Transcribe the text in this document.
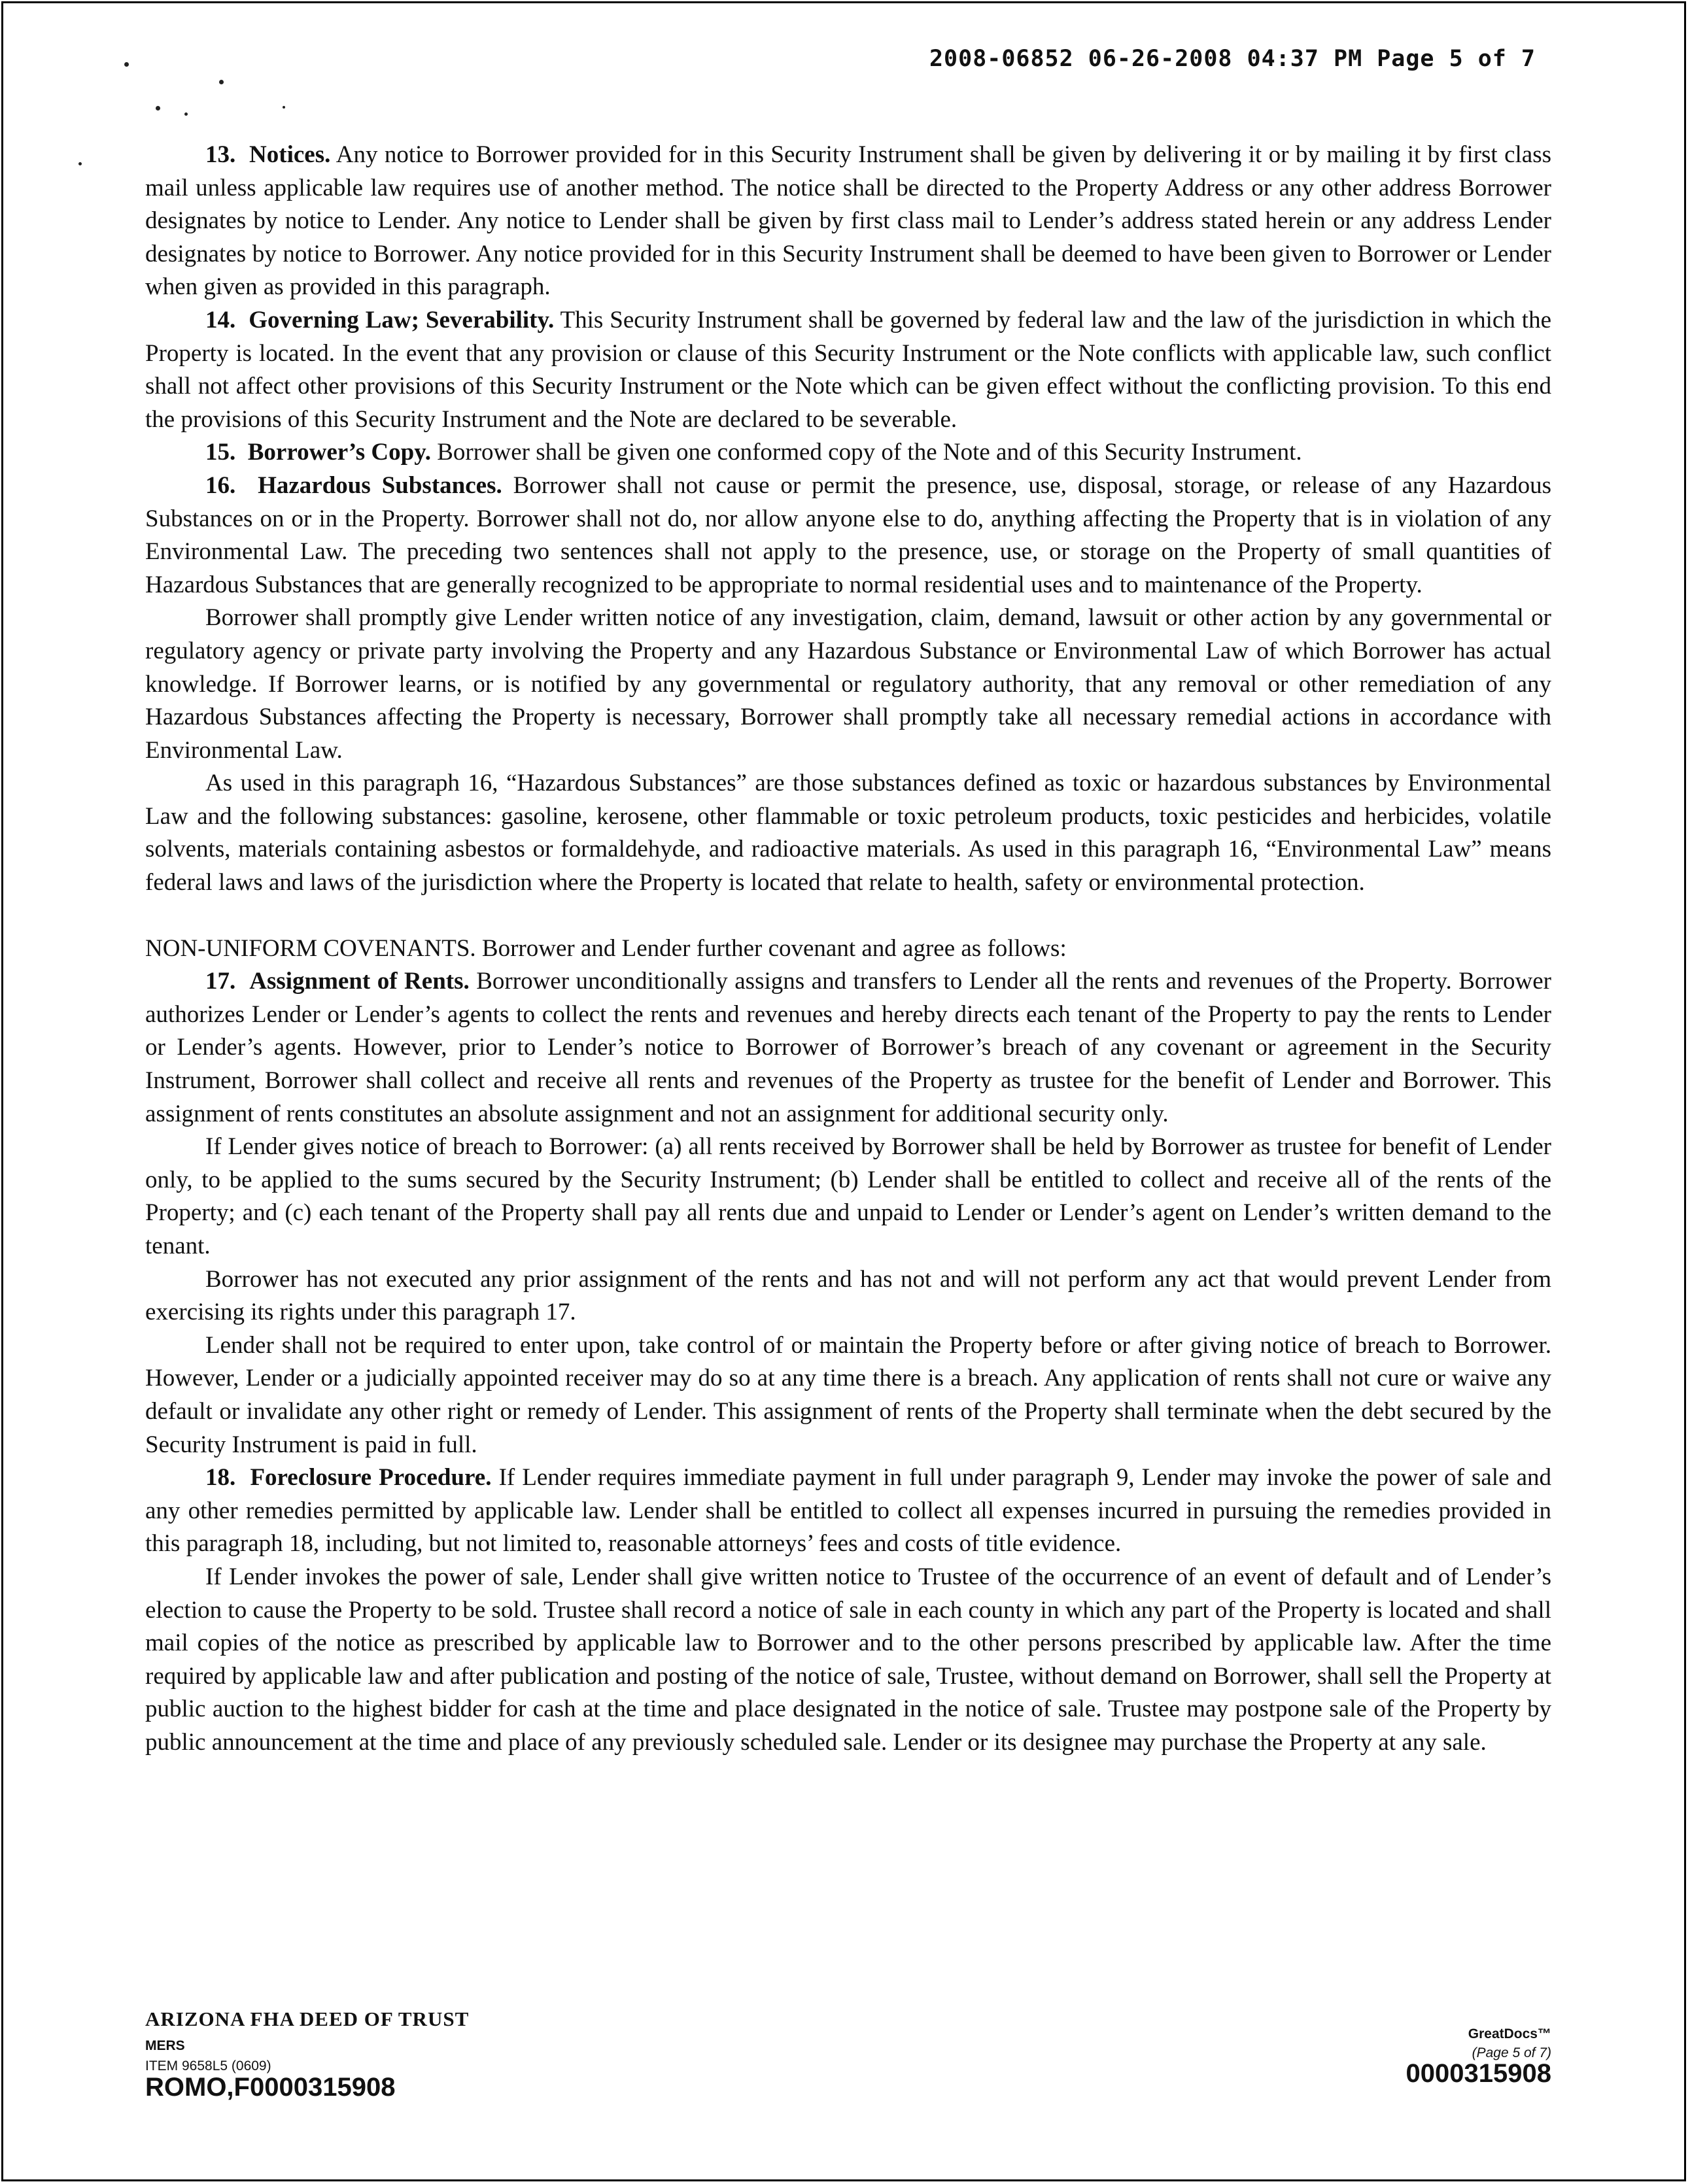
2008-06852 06-26-2008 04:37 PM Page 5 of 7

13. Notices. Any notice to Borrower provided for in this Security Instrument shall be given by delivering it or by mailing it by first class mail unless applicable law requires use of another method. The notice shall be directed to the Property Address or any other address Borrower designates by notice to Lender. Any notice to Lender shall be given by first class mail to Lender’s address stated herein or any address Lender designates by notice to Borrower. Any notice provided for in this Security Instrument shall be deemed to have been given to Borrower or Lender when given as provided in this paragraph.

14. Governing Law; Severability. This Security Instrument shall be governed by federal law and the law of the jurisdiction in which the Property is located. In the event that any provision or clause of this Security Instrument or the Note conflicts with applicable law, such conflict shall not affect other provisions of this Security Instrument or the Note which can be given effect without the conflicting provision. To this end the provisions of this Security Instrument and the Note are declared to be severable.

15. Borrower’s Copy. Borrower shall be given one conformed copy of the Note and of this Security Instrument.

16. Hazardous Substances. Borrower shall not cause or permit the presence, use, disposal, storage, or release of any Hazardous Substances on or in the Property. Borrower shall not do, nor allow anyone else to do, anything affecting the Property that is in violation of any Environmental Law. The preceding two sentences shall not apply to the presence, use, or storage on the Property of small quantities of Hazardous Substances that are generally recognized to be appropriate to normal residential uses and to maintenance of the Property.

Borrower shall promptly give Lender written notice of any investigation, claim, demand, lawsuit or other action by any governmental or regulatory agency or private party involving the Property and any Hazardous Substance or Environmental Law of which Borrower has actual knowledge. If Borrower learns, or is notified by any governmental or regulatory authority, that any removal or other remediation of any Hazardous Substances affecting the Property is necessary, Borrower shall promptly take all necessary remedial actions in accordance with Environmental Law.

As used in this paragraph 16, “Hazardous Substances” are those substances defined as toxic or hazardous substances by Environmental Law and the following substances: gasoline, kerosene, other flammable or toxic petroleum products, toxic pesticides and herbicides, volatile solvents, materials containing asbestos or formaldehyde, and radioactive materials. As used in this paragraph 16, “Environmental Law” means federal laws and laws of the jurisdiction where the Property is located that relate to health, safety or environmental protection.

NON-UNIFORM COVENANTS. Borrower and Lender further covenant and agree as follows:

17. Assignment of Rents. Borrower unconditionally assigns and transfers to Lender all the rents and revenues of the Property. Borrower authorizes Lender or Lender’s agents to collect the rents and revenues and hereby directs each tenant of the Property to pay the rents to Lender or Lender’s agents. However, prior to Lender’s notice to Borrower of Borrower’s breach of any covenant or agreement in the Security Instrument, Borrower shall collect and receive all rents and revenues of the Property as trustee for the benefit of Lender and Borrower. This assignment of rents constitutes an absolute assignment and not an assignment for additional security only.

If Lender gives notice of breach to Borrower: (a) all rents received by Borrower shall be held by Borrower as trustee for benefit of Lender only, to be applied to the sums secured by the Security Instrument; (b) Lender shall be entitled to collect and receive all of the rents of the Property; and (c) each tenant of the Property shall pay all rents due and unpaid to Lender or Lender’s agent on Lender’s written demand to the tenant.

Borrower has not executed any prior assignment of the rents and has not and will not perform any act that would prevent Lender from exercising its rights under this paragraph 17.

Lender shall not be required to enter upon, take control of or maintain the Property before or after giving notice of breach to Borrower. However, Lender or a judicially appointed receiver may do so at any time there is a breach. Any application of rents shall not cure or waive any default or invalidate any other right or remedy of Lender. This assignment of rents of the Property shall terminate when the debt secured by the Security Instrument is paid in full.

18. Foreclosure Procedure. If Lender requires immediate payment in full under paragraph 9, Lender may invoke the power of sale and any other remedies permitted by applicable law. Lender shall be entitled to collect all expenses incurred in pursuing the remedies provided in this paragraph 18, including, but not limited to, reasonable attorneys’ fees and costs of title evidence.

If Lender invokes the power of sale, Lender shall give written notice to Trustee of the occurrence of an event of default and of Lender’s election to cause the Property to be sold. Trustee shall record a notice of sale in each county in which any part of the Property is located and shall mail copies of the notice as prescribed by applicable law to Borrower and to the other persons prescribed by applicable law. After the time required by applicable law and after publication and posting of the notice of sale, Trustee, without demand on Borrower, shall sell the Property at public auction to the highest bidder for cash at the time and place designated in the notice of sale. Trustee may postpone sale of the Property by public announcement at the time and place of any previously scheduled sale. Lender or its designee may purchase the Property at any sale.

ARIZONA FHA DEED OF TRUST
MERS
ITEM 9658L5 (0609)
ROMO,F0000315908
GreatDocs™
(Page 5 of 7)
0000315908
